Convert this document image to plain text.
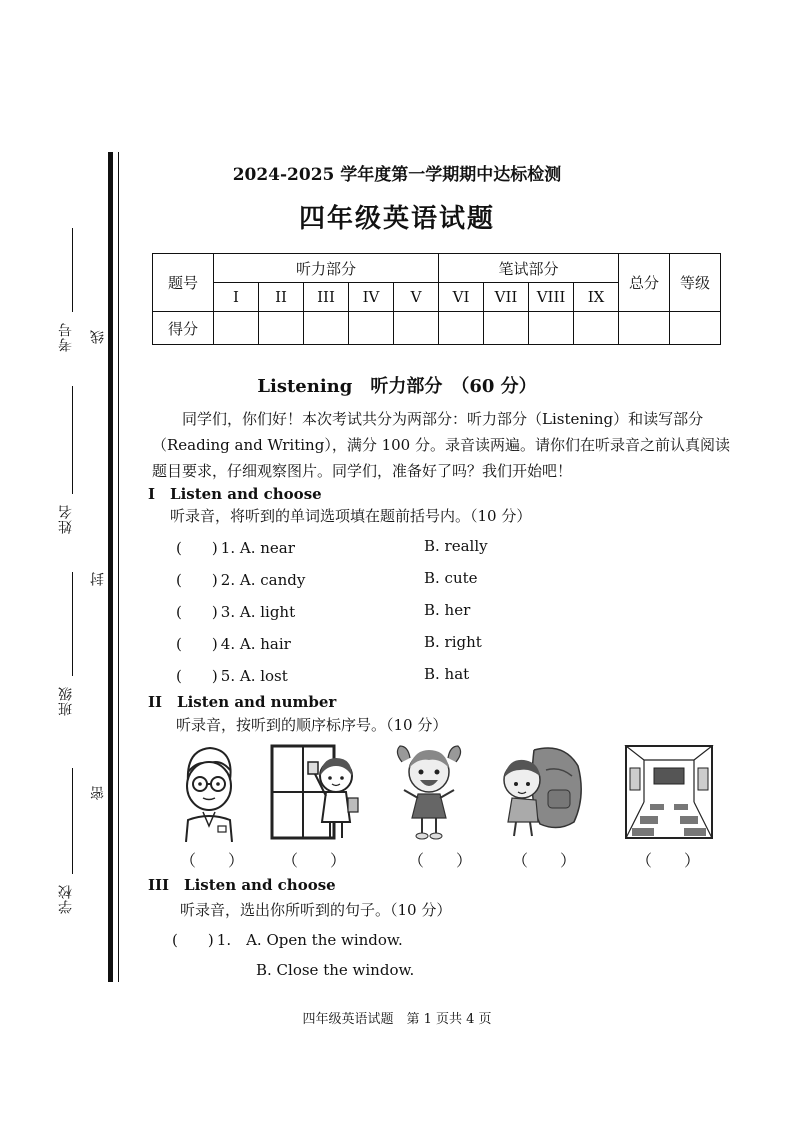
考号 线
姓名
封
班级
密
学校
2024-2025 学年度第一学期期中达标检测
四年级英语试题
题号	听力部分					笔试部分				总分	等级
	I	II	III	IV	V	VI	VII	VIII	IX		
得分											
Listening　听力部分　（60 分）
同学们，你们好！本次考试共分为两部分：听力部分（Listening）和读写部分（Reading and Writing），满分 100 分。录音读两遍。请你们在听录音之前认真阅读题目要求，仔细观察图片。同学们，准备好了吗？我们开始吧！
I　Listen and choose
听录音，将听到的单词选项填在题前括号内。（10 分）
(　　) 1. A. near	B. really
(　　) 2. A. candy	B. cute
(　　) 3. A. light	B. her
(　　) 4. A. hair	B. right
(　　) 5. A. lost	B. hat
II　Listen and number
听录音，按听到的顺序标序号。（10 分）
（　　） （　　）	（　　） （　　）	（　　）
III　Listen and choose
听录音，选出你所听到的句子。（10 分）
(　　) 1.　A. Open the window.
B. Close the window.
四年级英语试题　第 1 页共 4 页
